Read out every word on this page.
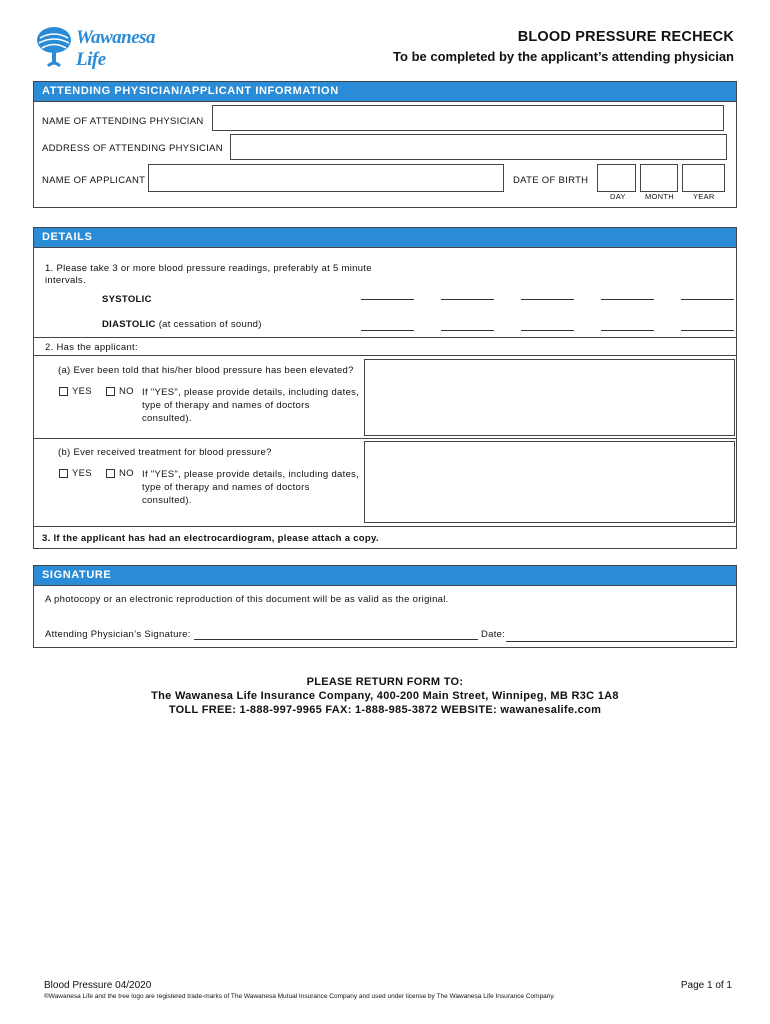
Wawanesa Life
BLOOD PRESSURE RECHECK
To be completed by the applicant’s attending physician
ATTENDING PHYSICIAN/APPLICANT INFORMATION
NAME OF ATTENDING PHYSICIAN
ADDRESS OF ATTENDING PHYSICIAN
NAME OF APPLICANT	DATE OF BIRTH
DAY	MONTH	YEAR
DETAILS
1. Please take 3 or more blood pressure readings, preferably at 5 minute intervals.
SYSTOLIC
DIASTOLIC (at cessation of sound)
2. Has the applicant:
(a) Ever been told that his/her blood pressure has been elevated?
YES	NO If "YES", please provide details, including dates, type of therapy and names of doctors consulted).
(b) Ever received treatment for blood pressure?
YES	NO If "YES", please provide details, including dates, type of therapy and names of doctors consulted).
3. If the applicant has had an electrocardiogram, please attach a copy.
SIGNATURE
A photocopy or an electronic reproduction of this document will be as valid as the original.
Attending Physician’s Signature:	Date:
PLEASE RETURN FORM TO:
The Wawanesa Life Insurance Company, 400-200 Main Street, Winnipeg, MB R3C 1A8
TOLL FREE: 1-888-997-9965 FAX: 1-888-985-3872 WEBSITE: wawanesalife.com
Blood Pressure 04/2020	Page 1 of 1
®Wawanesa Life and the tree logo are registered trade-marks of The Wawanesa Mutual Insurance Company and used under license by The Wawanesa Life Insurance Company.
